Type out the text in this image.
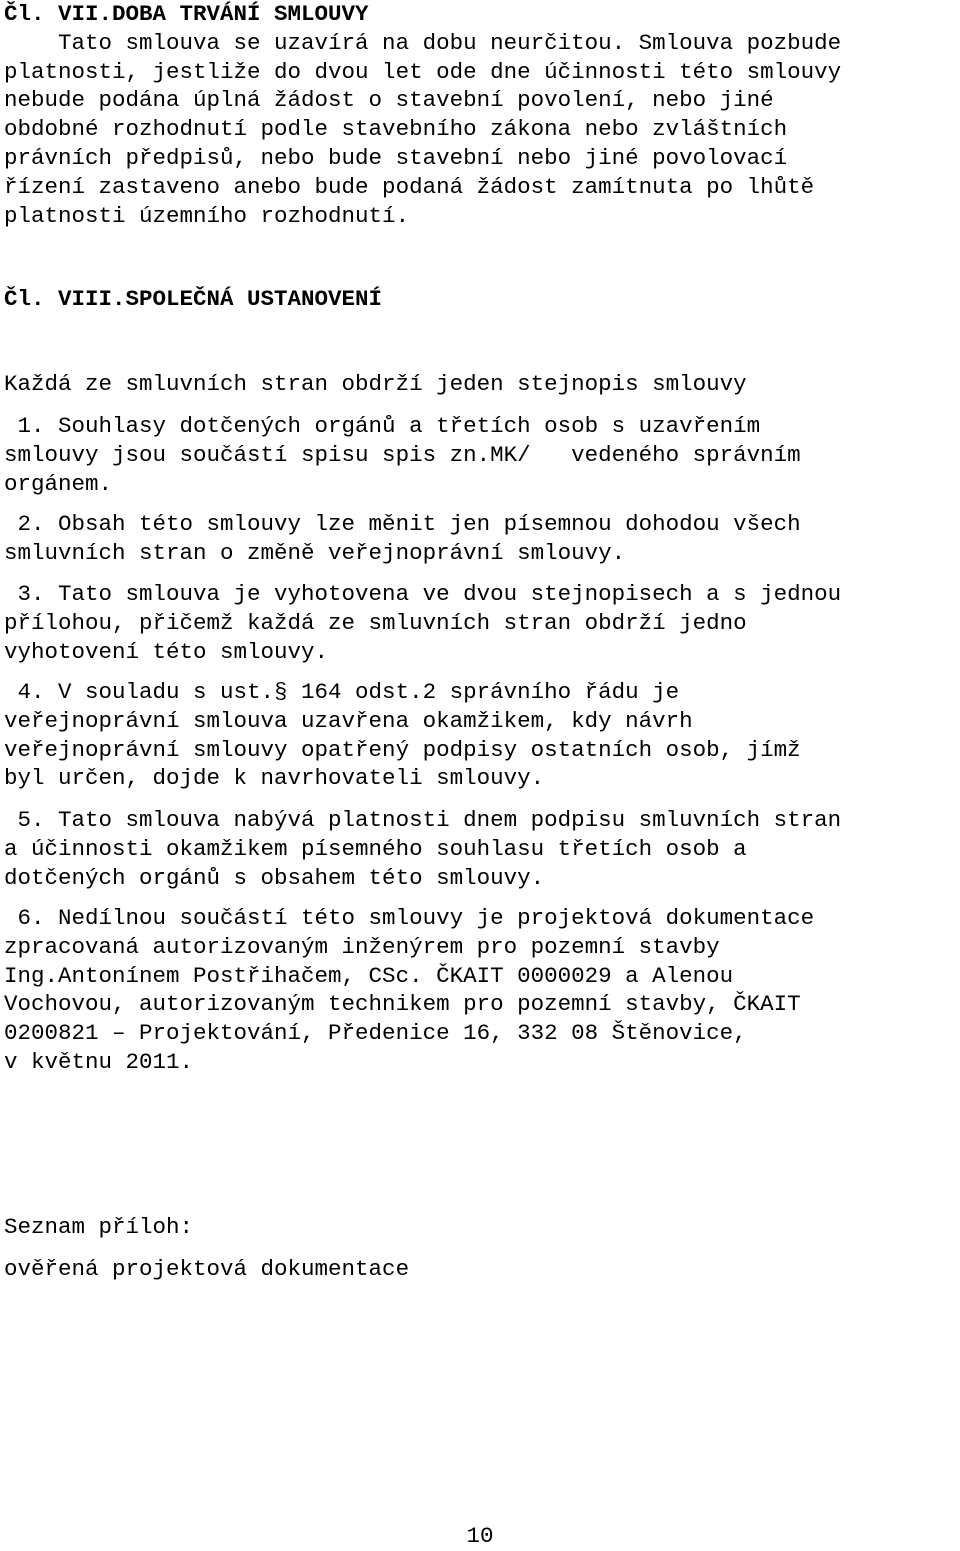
Čl. VII.DOBA TRVÁNÍ SMLOUVY
Tato smlouva se uzavírá na dobu neurčitou. Smlouva pozbude
platnosti, jestliže do dvou let ode dne účinnosti této smlouvy
nebude podána úplná žádost o stavební povolení, nebo jiné
obdobné rozhodnutí podle stavebního zákona nebo zvláštních
právních předpisů, nebo bude stavební nebo jiné povolovací
řízení zastaveno anebo bude podaná žádost zamítnuta po lhůtě
platnosti územního rozhodnutí.
Čl. VIII.SPOLEČNÁ USTANOVENÍ
Každá ze smluvních stran obdrží jeden stejnopis smlouvy
1. Souhlasy dotčených orgánů a třetích osob s uzavřením
smlouvy jsou součástí spisu spis zn.MK/   vedeného správním
orgánem.
2. Obsah této smlouvy lze měnit jen písemnou dohodou všech
smluvních stran o změně veřejnoprávní smlouvy.
3. Tato smlouva je vyhotovena ve dvou stejnopisech a s jednou
přílohou, přičemž každá ze smluvních stran obdrží jedno
vyhotovení této smlouvy.
4. V souladu s ust.§ 164 odst.2 správního řádu je
veřejnoprávní smlouva uzavřena okamžikem, kdy návrh
veřejnoprávní smlouvy opatřený podpisy ostatních osob, jímž
byl určen, dojde k navrhovateli smlouvy.
5. Tato smlouva nabývá platnosti dnem podpisu smluvních stran
a účinnosti okamžikem písemného souhlasu třetích osob a
dotčených orgánů s obsahem této smlouvy.
6. Nedílnou součástí této smlouvy je projektová dokumentace
zpracovaná autorizovaným inženýrem pro pozemní stavby
Ing.Antonínem Postřihačem, CSc. ČKAIT 0000029 a Alenou
Vochovou, autorizovaným technikem pro pozemní stavby, ČKAIT
0200821 – Projektování, Předenice 16, 332 08 Štěnovice,
v květnu 2011.
Seznam příloh:
ověřená projektová dokumentace
10
